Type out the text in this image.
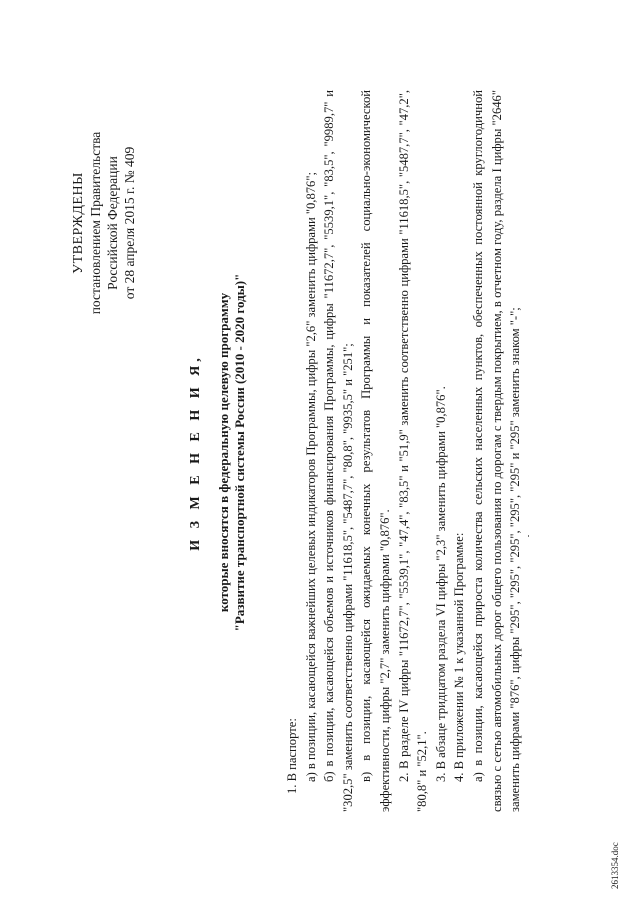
УТВЕРЖДЕНЫ постановлением Правительства Российской Федерации от 28 апреля 2015 г. № 409
И З М Е Н Е Н И Я, которые вносятся в федеральную целевую программу "Развитие транспортной системы России (2010 - 2020 годы)"

1. В паспорте: а) в позиции, касающейся важнейших целевых индикаторов Программы, цифры "2,6" заменить цифрами "0,876"; б) в позиции, касающейся объемов и источников финансирования Программы, цифры "11672,7", "5539,1", "83,5", "9989,7" и "302,5" заменить соответственно цифрами "11618,5", "5487,7", "80,8", "9935,5" и "251"; в) в позиции, касающейся ожидаемых конечных результатов Программы и показателей социально-экономической эффективности, цифры "2,7" заменить цифрами "0,876". 2. В разделе IV цифры "11672,7", "5539,1", "47,4", "83,5" и "51,9" заменить соответственно цифрами "11618,5", "5487,7", "47,2", "80,8" и "52,1". 3. В абзаце тридцатом раздела VI цифры "2,3" заменить цифрами "0,876". 4. В приложении № 1 к указанной Программе: а) в позиции, касающейся прироста количества сельских населенных пунктов, обеспеченных постоянной круглогодичной связью с сетью автомобильных дорог общего пользования по дорогам с твердым покрытием, в отчетном году, раздела I цифры "2646" заменить цифрами "876", цифры "295", "295", "295", "295", "295" и "295" заменить знаком "-";

2613354.doc
